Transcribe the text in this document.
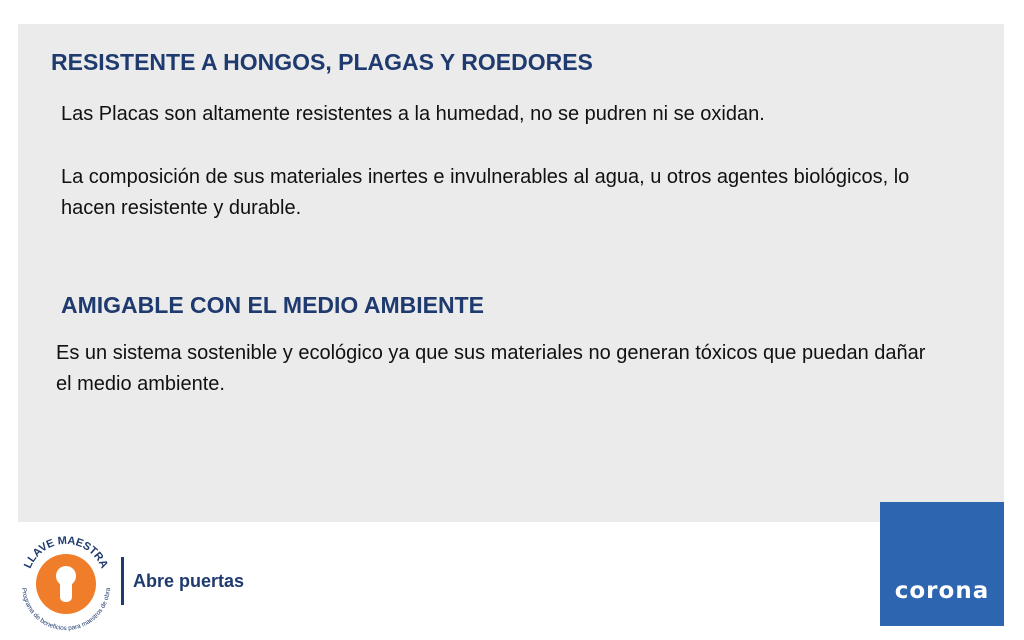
RESISTENTE A HONGOS, PLAGAS Y ROEDORES
Las Placas son altamente resistentes a la humedad, no se pudren ni se oxidan.
La composición de sus materiales inertes e invulnerables al agua, u otros agentes biológicos, lo hacen resistente y durable.
AMIGABLE CON EL MEDIO AMBIENTE
Es un sistema sostenible y ecológico ya que sus materiales no generan tóxicos que puedan dañar el medio ambiente.
LLAVE MAESTRA
Programa de beneficios para maestros de obra Abre puertas	corona
